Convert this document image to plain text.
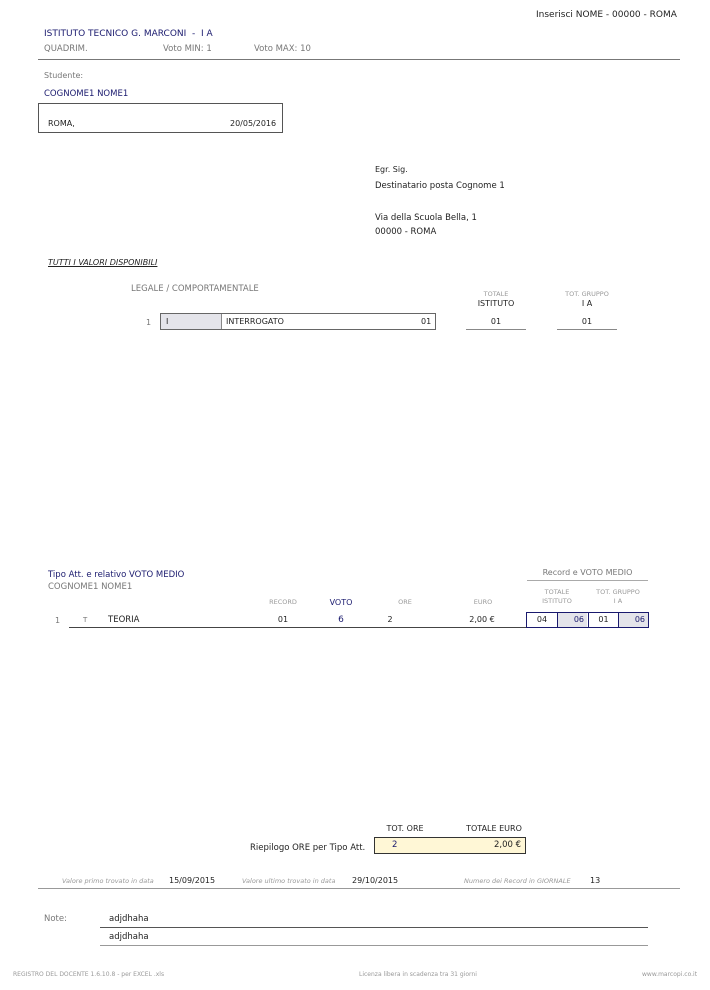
Inserisci NOME - 00000 - ROMA
ISTITUTO TECNICO G. MARCONI - I A
QUADRIM.	Voto MIN: 1	Voto MAX: 10
Studente:
COGNOME1 NOME1
ROMA,	20/05/2016
Egr. Sig.
Destinatario posta Cognome 1
Via della Scuola Bella, 1
00000 - ROMA
TUTTI I VALORI DISPONIBILI
LEGALE / COMPORTAMENTALE	TOTALE
ISTITUTO
TOT. GRUPPO
I A
1 I	INTERROGATO	01	01	01
Tipo Att. e relativo VOTO MEDIO
COGNOME1 NOME1
Record e VOTO MEDIO
RECORD	VOTO	ORE	EURO
TOTALE
ISTITUTO
TOT. GRUPPO
I A
1	T TEORIA	01	6	2	2,00 €	04	06	01	06
TOT. ORE	TOTALE EURO
Riepilogo ORE per Tipo Att.	2	2,00 €
Valore primo trovato in data 15/09/2015	Valore ultimo trovato in data 29/10/2015	Numero dei Record in GIORNALE 13
Note:	adjdhaha
adjdhaha
REGISTRO DEL DOCENTE 1.6.10.8 - per EXCEL .xls	Licenza libera in scadenza tra 31 giorni	www.marcopi.co.it
